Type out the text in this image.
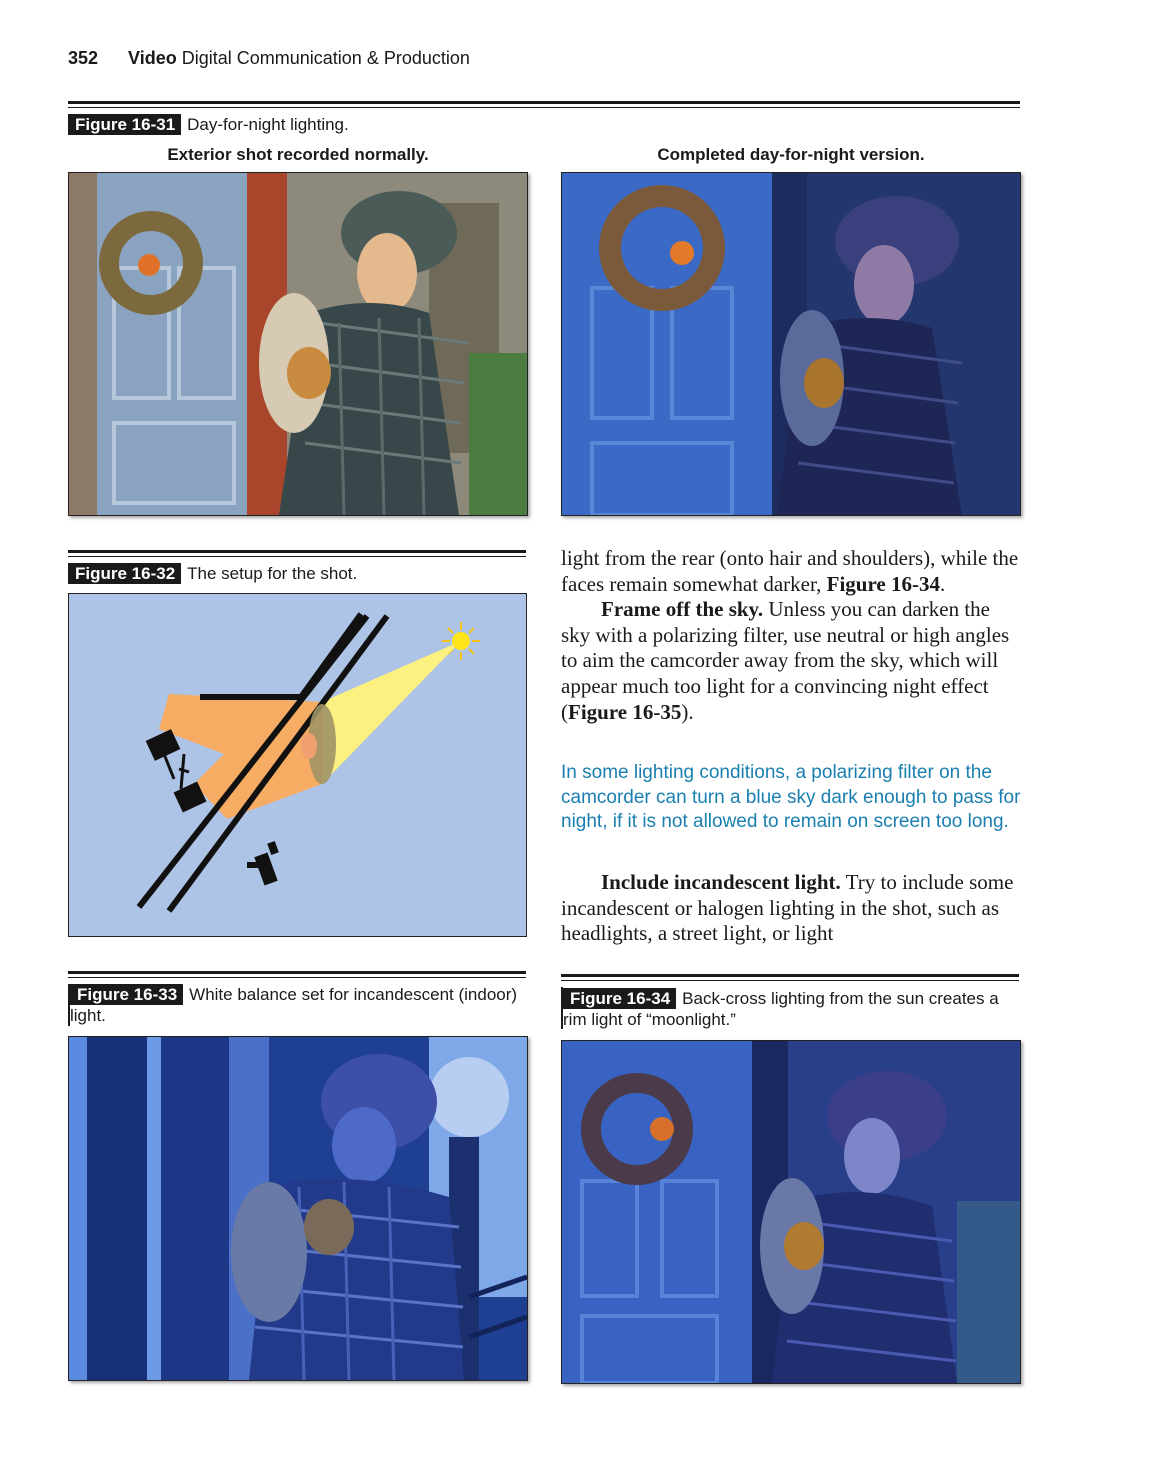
352 Video Digital Communication & Production
Figure 16-31 Day-for-night lighting.
Exterior shot recorded normally.	Completed day-for-night version.
Figure 16-32 The setup for the shot.

light from the rear (onto hair and shoulders), while the faces remain somewhat darker, Figure 16-34.

Frame off the sky. Unless you can darken the sky with a polarizing filter, use neutral or high angles to aim the camcorder away from the sky, which will appear much too light for a convincing night effect (Figure 16-35).

In some lighting conditions, a polarizing filter on the camcorder can turn a blue sky dark enough to pass for night, if it is not allowed to remain on screen too long.

Include incandescent light. Try to include some incandescent or halogen lighting in the shot, such as headlights, a street light, or light

Figure 16-33 White balance set for incandescent (indoor) light.
Figure 16-34 Back-cross lighting from the sun creates a rim light of “moonlight.”
